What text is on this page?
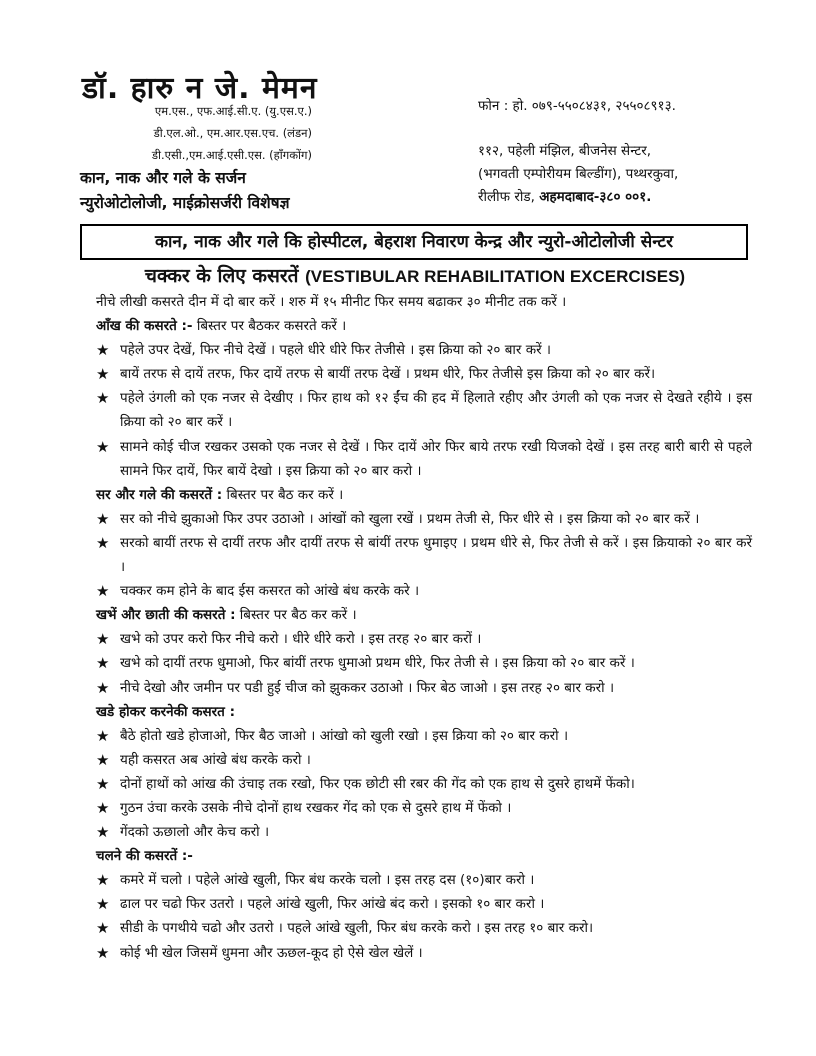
डॉ. हारु न जे. मेमन
एम.एस., एफ.आई.सी.ए. (यु.एस.ए.)
डी.एल.ओ., एम.आर.एस.एच. (लंडन)
डी.एसी.,एम.आई.एसी.एस. (हॉंगकोंग)
कान, नाक और गले के सर्जन
न्युरोओटोलोजी, माईक्रोसर्जरी विशेषज्ञ
फोन : हो. ०७९-५५०८४३१, २५५०८९१३.
११२, पहेली मंझिल, बीजनेस सेन्टर,
(भगवती एम्पोरीयम बिल्डींग), पथ्थरकुवा,
रीलीफ रोड, अहमदाबाद-३८० ००१.
कान, नाक और गले कि होस्पीटल, बेहराश निवारण केन्द्र और न्युरो-ओटोलोजी सेन्टर
चक्कर के लिए कसरतें (VESTIBULAR REHABILITATION EXCERCISES)

नीचे लीखी कसरते दीन में दो बार करें । शरु में १५ मीनीट फिर समय बढाकर ३० मीनीट तक करें ।

आँख की कसरते :- बिस्तर पर बैठकर कसरते करें ।

★ पहेले उपर देखें, फिर नीचे देखें । पहले धीरे धीरे फिर तेजीसे । इस क्रिया को २० बार करें ।

★ बायें तरफ से दायें तरफ, फिर दायें तरफ से बायीं तरफ देखें । प्रथम धीरे, फिर तेजीसे इस क्रिया को २० बार करें।

★ पहेले उंगली को एक नजर से देखीए । फिर हाथ को १२ ईंच की हद में हिलाते रहीए और उंगली को एक नजर से देखते रहीये । इस क्रिया को २० बार करें ।

★ सामने कोई चीज रखकर उसको एक नजर से देखें । फिर दायें ओर फिर बाये तरफ रखी यिजको देखें । इस तरह बारी बारी से पहले सामने फिर दायें, फिर बायें देखो । इस क्रिया को २० बार करो ।

सर और गले की कसरतें : बिस्तर पर बैठ कर करें ।

★ सर को नीचे झुकाओ फिर उपर उठाओ । आंखों को खुला रखें । प्रथम तेजी से, फिर धीरे से । इस क्रिया को २० बार करें ।

★ सरको बायीं तरफ से दायीं तरफ और दायीं तरफ से बांयीं तरफ धुमाइए । प्रथम धीरे से, फिर तेजी से करें । इस क्रियाको २० बार करें ।

★ चक्कर कम होने के बाद ईस कसरत को आंखे बंध करके करे ।

खभें और छाती की कसरते : बिस्तर पर बैठ कर करें ।

★ खभे को उपर करो फिर नीचे करो । धीरे धीरे करो । इस तरह २० बार करों ।

★ खभे को दायीं तरफ धुमाओ, फिर बांयीं तरफ धुमाओ प्रथम धीरे, फिर तेजी से । इस क्रिया को २० बार करें ।

★ नीचे देखो और जमीन पर पडी हुई चीज को झुककर उठाओ । फिर बेठ जाओ । इस तरह २० बार करो ।

खडे होकर करनेकी कसरत :

★ बैठे होतो खडे होजाओ, फिर बैठ जाओ । आंखो को खुली रखो । इस क्रिया को २० बार करो ।

★ यही कसरत अब आंखे बंध करके करो ।

★ दोनों हाथों को आंख की उंचाइ तक रखो, फिर एक छोटी सी रबर की गेंद को एक हाथ से दुसरे हाथमें फेंको।

★ गुठन उंचा करके उसके नीचे दोनों हाथ रखकर गेंद को एक से दुसरे हाथ में फेंको ।

★ गेंदको ऊछालो और केच करो ।

चलने की कसरतें :-

★ कमरे में चलो । पहेले आंखे खुली, फिर बंध करके चलो । इस तरह दस (१०)बार करो ।

★ ढाल पर चढो फिर उतरो । पहले आंखे खुली, फिर आंखे बंद करो । इसको १० बार करो ।

★ सीडी के पगथीये चढो और उतरो । पहले आंखे खुली, फिर बंध करके करो । इस तरह १० बार करो।

★ कोई भी खेल जिसमें धुमना और ऊछल-कूद हो ऐसे खेल खेलें ।
